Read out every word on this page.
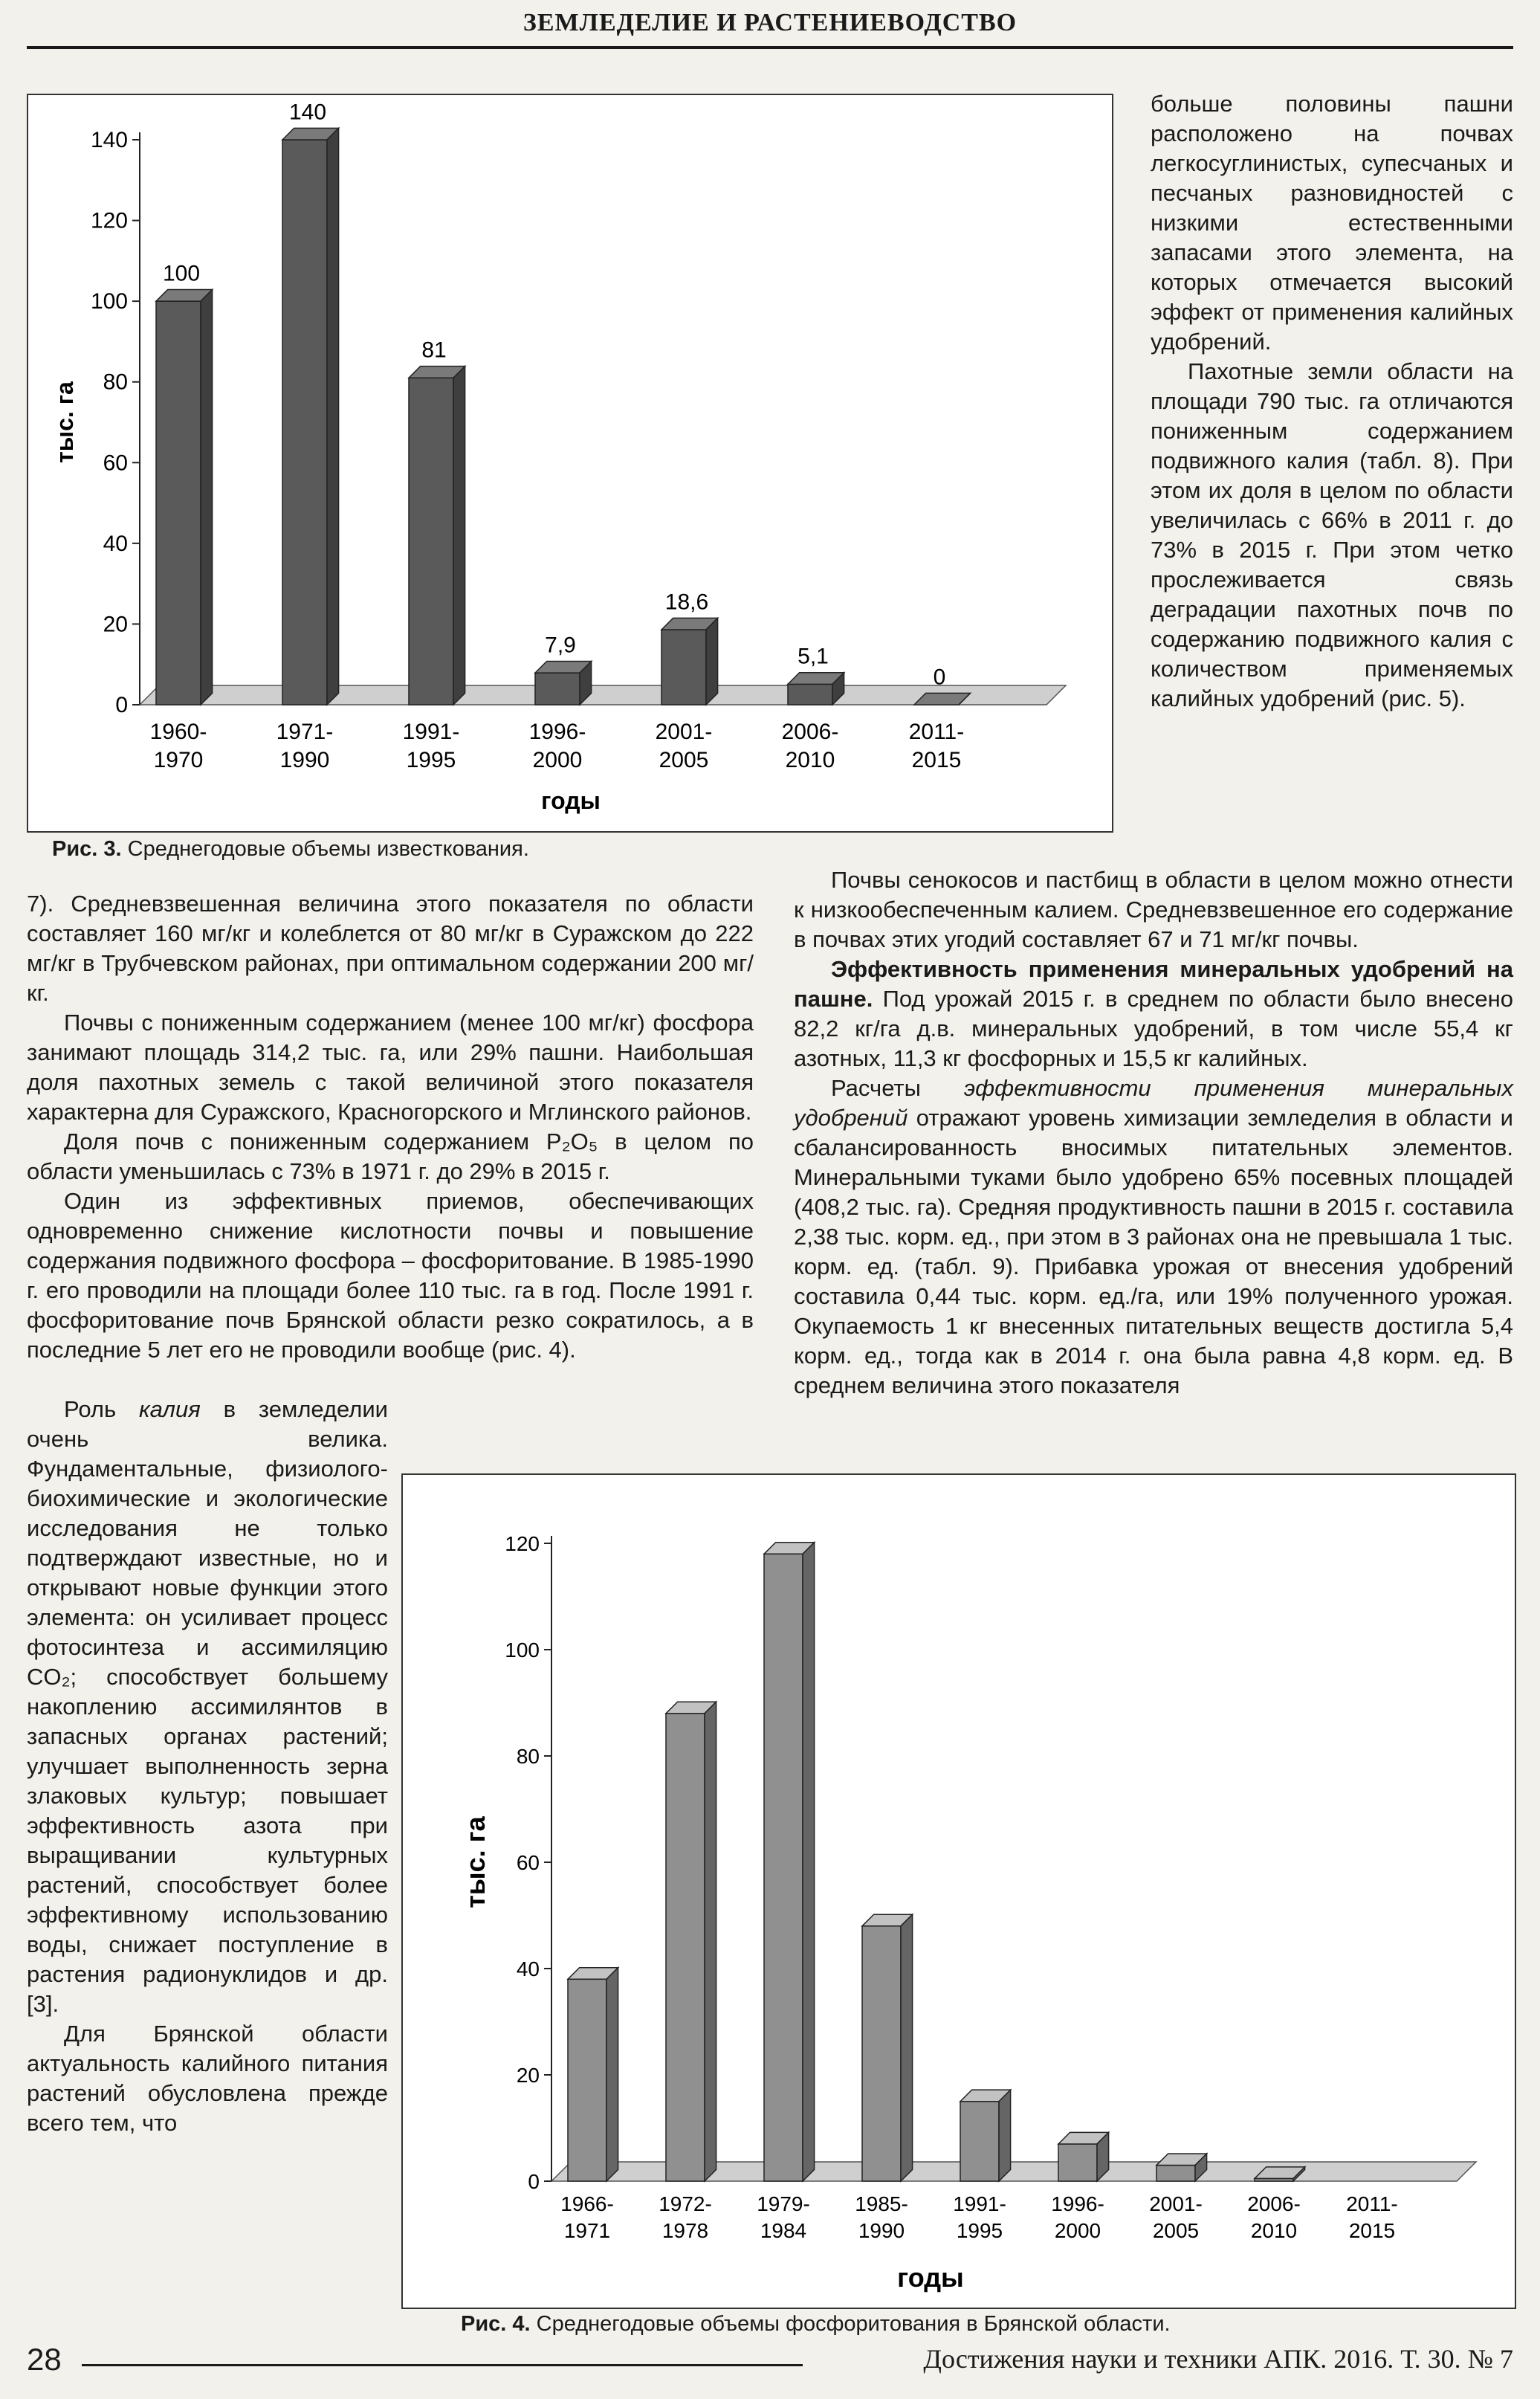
ЗЕМЛЕДЕЛИЕ И РАСТЕНИЕВОДСТВО
0
20
40
60
80
100
120
140
100
140
81
7,9
18,6
5,1
0
1960-
1970
1971-
1990
1991-
1995
1996-
2000
2001-
2005
2006-
2010
2011-
2015
тыс. га
годы
Рис. 3. Среднегодовые объемы известкования.

больше половины пашни расположено на почвах легкосуглинистых, супесчаных и песчаных разновидностей с низкими естественными запасами этого элемента, на которых отмечается высокий эффект от применения калийных удобрений.

Пахотные земли области на площади 790 тыс. га отличаются пониженным содержанием подвижного калия (табл. 8). При этом их доля в целом по области увеличилась с 66% в 2011 г. до 73% в 2015 г. При этом четко прослеживается связь деградации пахотных почв по содержанию подвижного калия с количеством применяемых калийных удобрений (рис. 5).

Почвы сенокосов и пастбищ в области в целом можно отнести к низкообеспеченным калием. Средневзвешенное его содержание в почвах этих угодий составляет 67 и 71 мг/кг почвы.

Эффективность применения минеральных удобрений на пашне. Под урожай 2015 г. в среднем по области было внесено 82,2 кг/га д.в. минеральных удобрений, в том числе 55,4 кг азотных, 11,3 кг фосфорных и 15,5 кг калийных.

Расчеты эффективности применения минеральных удобрений отражают уровень химизации земледелия в области и сбалансированность вносимых питательных элементов. Минеральными туками было удобрено 65% посевных площадей (408,2 тыс. га). Средняя продуктивность пашни в 2015 г. составила 2,38 тыс. корм. ед., при этом в 3 районах она не превышала 1 тыс. корм. ед. (табл. 9). Прибавка урожая от внесения удобрений составила 0,44 тыс. корм. ед./га, или 19% полученного урожая. Окупаемость 1 кг внесенных питательных веществ достигла 5,4 корм. ед., тогда как в 2014 г. она была равна 4,8 корм. ед. В среднем величина этого показателя

7). Средневзвешенная величина этого показателя по области составляет 160 мг/кг и колеблется от 80 мг/кг в Суражском до 222 мг/кг в Трубчевском районах, при оптимальном содержании 200 мг/кг.

Почвы с пониженным содержанием (менее 100 мг/кг) фосфора занимают площадь 314,2 тыс. га, или 29% пашни. Наибольшая доля пахотных земель с такой величиной этого показателя характерна для Суражского, Красногорского и Мглинского районов.

Доля почв с пониженным содержанием P₂O₅ в целом по области уменьшилась с 73% в 1971 г. до 29% в 2015 г.

Один из эффективных приемов, обеспечивающих одновременно снижение кислотности почвы и повышение содержания подвижного фосфора – фосфоритование. В 1985-1990 г. его проводили на площади более 110 тыс. га в год. После 1991 г. фосфоритование почв Брянской области резко сократилось, а в последние 5 лет его не проводили вообще (рис. 4).

Роль калия в земледелии очень велика. Фундаментальные, физиолого-биохимические и экологические исследования не только подтверждают известные, но и открывают новые функции этого элемента: он усиливает процесс фотосинтеза и ассимиляцию CO₂; способствует большему накоплению ассимилянтов в запасных органах растений; улучшает выполненность зерна злаковых культур; повышает эффективность азота при выращивании культурных растений, способствует более эффективному использованию воды, снижает поступление в растения радионуклидов и др. [3].

Для Брянской области актуальность калийного питания растений обусловлена прежде всего тем, что

0
20
40
60
80
100
120
1966-
1971
1972-
1978
1979-
1984
1985-
1990
1991-
1995
1996-
2000
2001-
2005
2006-
2010
2011-
2015
тыс. га
годы
Рис. 4. Среднегодовые объемы фосфоритования в Брянской области.
28	Достижения науки и техники АПК. 2016. Т. 30. № 7
